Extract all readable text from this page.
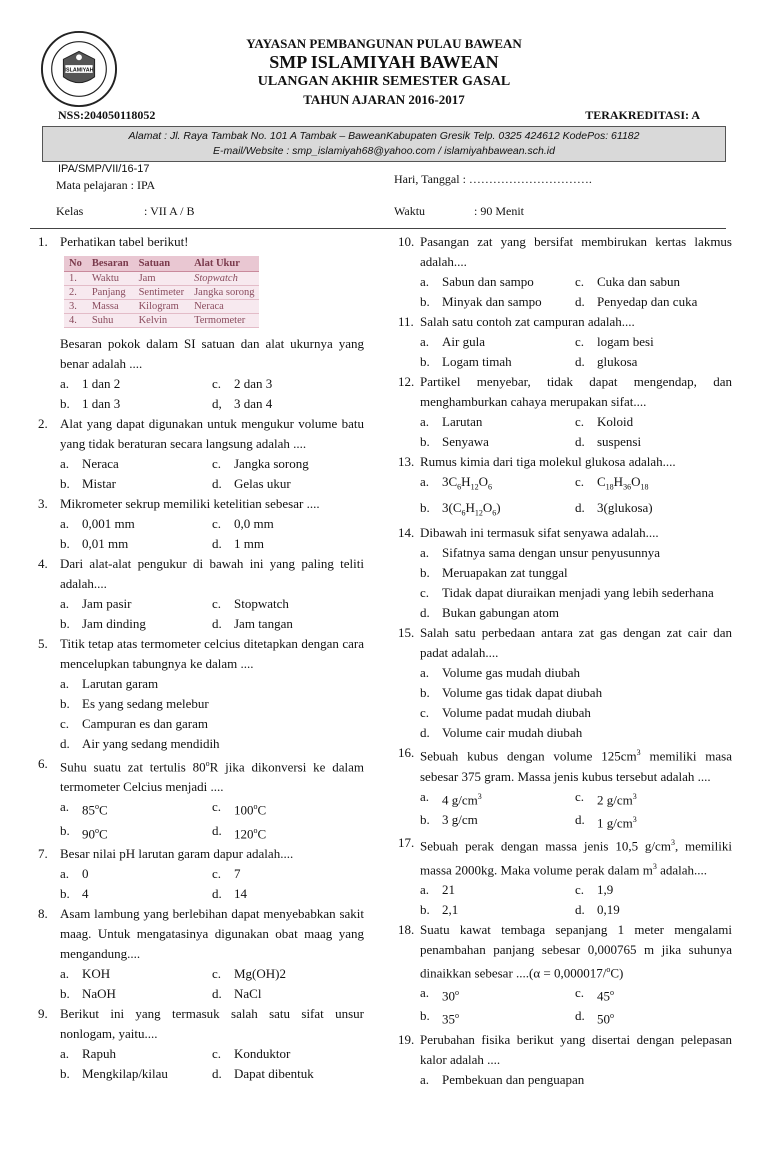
ISLAMIYAH
YAYASAN PEMBANGUNAN PULAU BAWEAN
SMP ISLAMIYAH BAWEAN
ULANGAN AKHIR SEMESTER GASAL
TAHUN AJARAN 2016-2017
NSS:204050118052	TERAKREDITASI: A
Alamat : Jl. Raya Tambak No. 101 A Tambak – BaweanKabupaten Gresik Telp. 0325 424612 KodePos: 61182
E-mail/Website : smp_islamiyah68@yahoo.com / islamiyahbawean.sch.id
IPA/SMP/VII/16-17
Mata pelajaran : IPA	Hari, Tanggal : ………………………….
Kelas	: VII A / B	Waktu	: 90 Menit
1. Perhatikan tabel berikut!
No	Besaran	Satuan	Alat Ukur
1.	Waktu	Jam	Stopwatch
2.	Panjang	Sentimeter	Jangka sorong
3.	Massa	Kilogram	Neraca
4.	Suhu	Kelvin	Termometer
Besaran pokok dalam SI satuan dan alat ukurnya yang benar adalah ....
a. 1 dan 2	c. 2 dan 3
b. 1 dan 3	d, 3 dan 4
2. Alat yang dapat digunakan untuk mengukur volume batu yang tidak beraturan secara langsung adalah ....
a. Neraca	c. Jangka sorong
b. Mistar	d. Gelas ukur
3. Mikrometer sekrup memiliki ketelitian sebesar ....
a. 0,001 mm	c. 0,0 mm
b. 0,01 mm	d. 1 mm
4. Dari alat-alat pengukur di bawah ini yang paling teliti adalah....
a. Jam pasir	c. Stopwatch
b. Jam dinding	d. Jam tangan
5. Titik tetap atas termometer celcius ditetapkan dengan cara mencelupkan tabungnya ke dalam ....
a. Larutan garam
b. Es yang sedang melebur
c. Campuran es dan garam
d. Air yang sedang mendidih
6. Suhu suatu zat tertulis 80$^o$R jika dikonversi ke dalam termometer Celcius menjadi ....
a. 85$^o$C	c. 100$^o$C
b. 90$^o$C	d. 120$^o$C
7. Besar nilai pH larutan garam dapur adalah....
a. 0	c. 7
b. 4	d. 14
8. Asam lambung yang berlebihan dapat menyebabkan sakit maag. Untuk mengatasinya digunakan obat maag yang mengandung....
a. KOH	c. Mg(OH)2
b. NaOH	d. NaCl
9. Berikut ini yang termasuk salah satu sifat unsur nonlogam, yaitu....
a. Rapuh	c. Konduktor
b. Mengkilap/kilau	d. Dapat dibentuk
10. Pasangan zat yang bersifat membirukan kertas lakmus adalah....
a. Sabun dan sampo	c. Cuka dan sabun
b. Minyak dan sampo	d. Penyedap dan cuka
11. Salah satu contoh zat campuran adalah....
a. Air gula	c. logam besi
b. Logam timah	d. glukosa
12. Partikel menyebar, tidak dapat mengendap, dan menghamburkan cahaya merupakan sifat....
a. Larutan	c. Koloid
b. Senyawa	d. suspensi
13. Rumus kimia dari tiga molekul glukosa adalah....
a. $3C_6H_{12}O_6$	c. $C_{18}H_{36}O_{18}$
b. $3(C_6H_{12}O_6)$	d. 3(glukosa)
14. Dibawah ini termasuk sifat senyawa adalah....
a. Sifatnya sama dengan unsur penyusunnya
b. Meruapakan zat tunggal
c. Tidak dapat diuraikan menjadi yang lebih sederhana
d. Bukan gabungan atom
15. Salah satu perbedaan antara zat gas dengan zat cair dan padat adalah....
a. Volume gas mudah diubah
b. Volume gas tidak dapat diubah
c. Volume padat mudah diubah
d. Volume cair mudah diubah
16. Sebuah kubus dengan volume $125cm^3$ memiliki masa sebesar 375 gram. Massa jenis kubus tersebut adalah ....
a. 4 $g/cm^3$	c. 2 $g/cm^3$
b. 3 g/cm	d. 1 $g/cm^3$
17. Sebuah perak dengan massa jenis 10,5 $g/cm^3$, memiliki massa 2000kg. Maka volume perak dalam $m^3$ adalah....
a. 21	c. 1,9
b. 2,1	d. 0,19
18. Suatu kawat tembaga sepanjang 1 meter mengalami penambahan panjang sebesar 0,000765 m jika suhunya dinaikkan sebesar ....(α = 0,000017/$^o$C)
a. 30$^o$	c. 45$^o$
b. 35$^o$	d. 50$^o$
19. Perubahan fisika berikut yang disertai dengan pelepasan kalor adalah ....
a. Pembekuan dan penguapan
